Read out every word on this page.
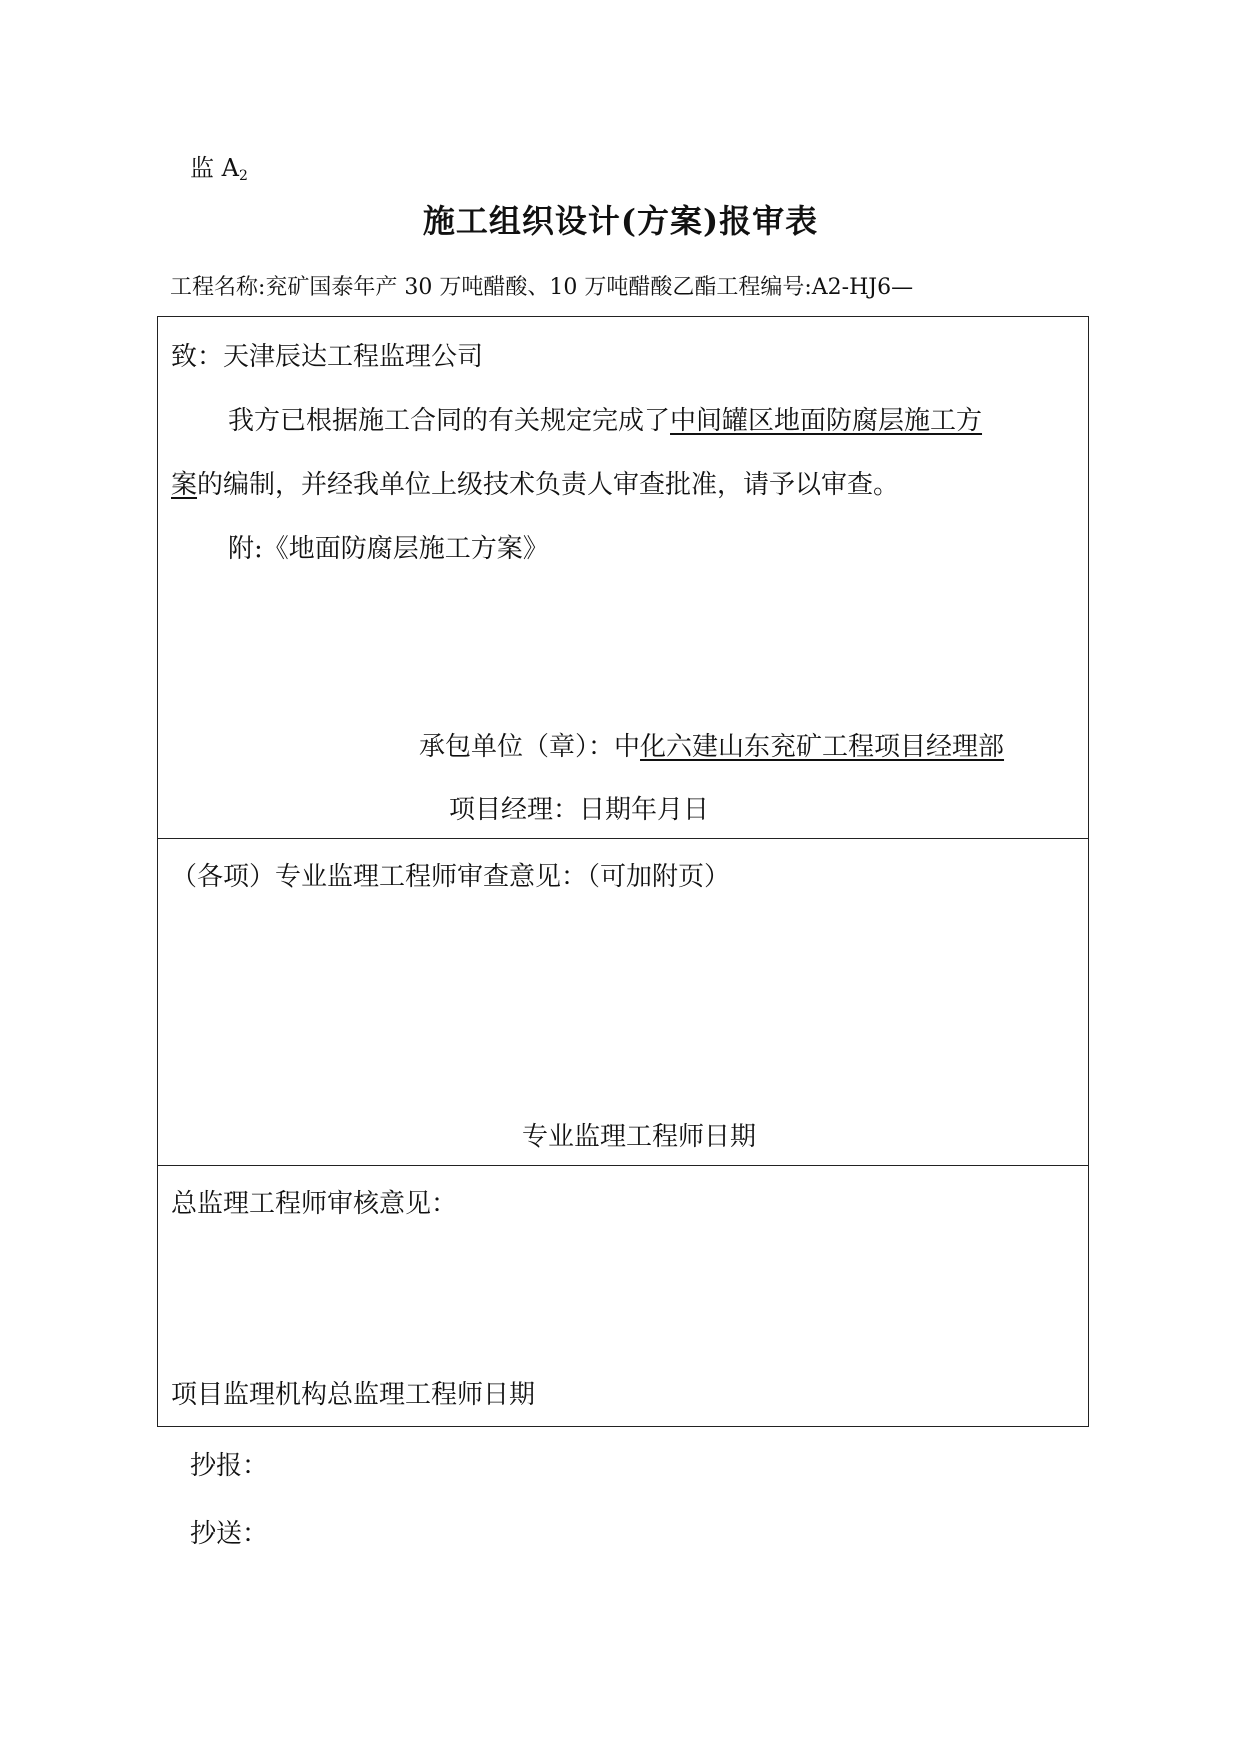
监 $A_2$
施工组织设计(方案)报审表
工程名称:兖矿国泰年产 30 万吨醋酸、10 万吨醋酸乙酯工程编号:A2-HJ6—
致：天津辰达工程监理公司
我方已根据施工合同的有关规定完成了中间罐区地面防腐层施工方
案的编制，并经我单位上级技术负责人审查批准，请予以审查。
附:《地面防腐层施工方案》
承包单位（章）：中化六建山东兖矿工程项目经理部
项目经理：日期年月日
（各项）专业监理工程师审查意见：（可加附页）
专业监理工程师日期
总监理工程师审核意见：
项目监理机构总监理工程师日期
抄报：
抄送：
